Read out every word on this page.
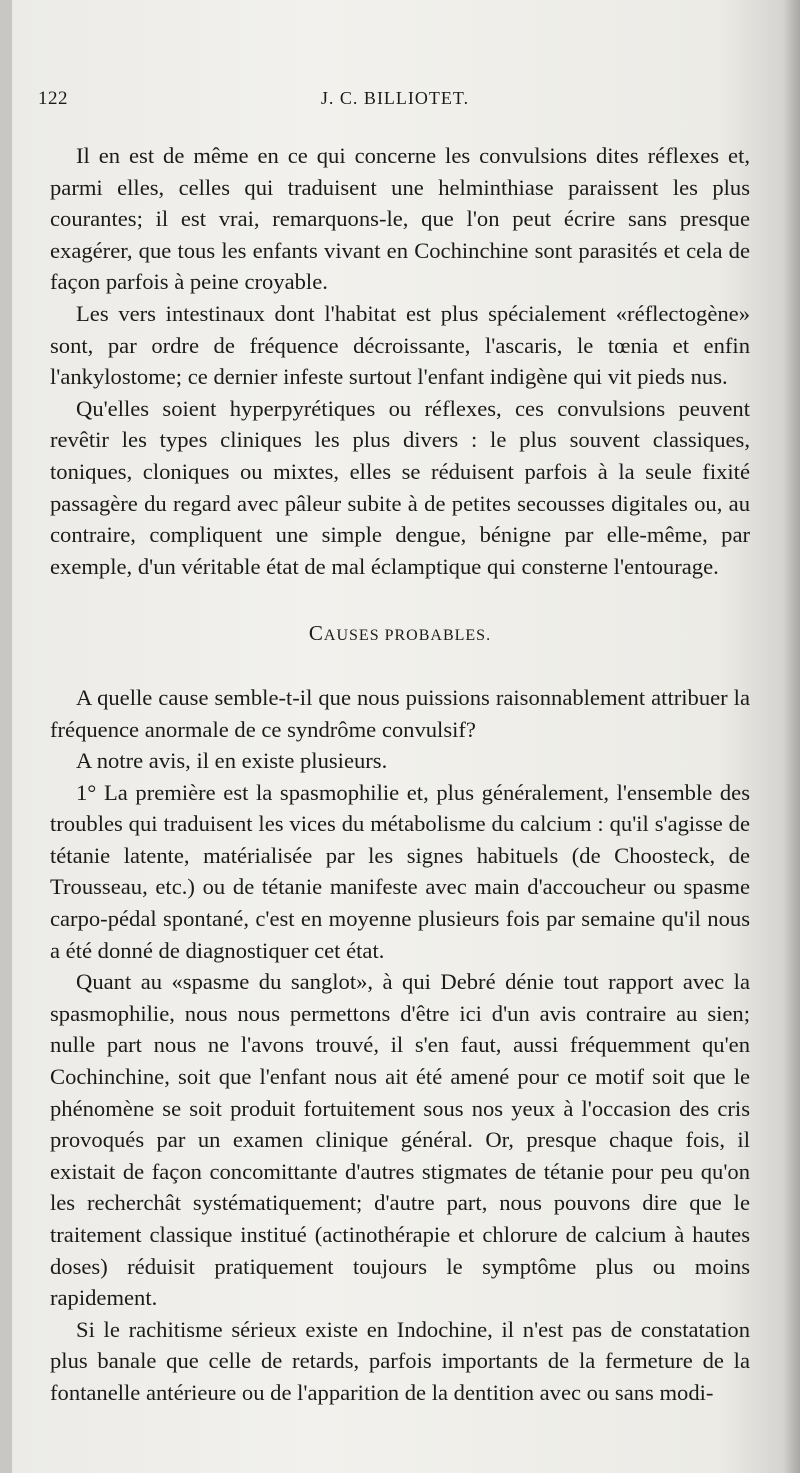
122	J. C. BILLIOTET.

Il en est de même en ce qui concerne les convulsions dites réflexes et, parmi elles, celles qui traduisent une helminthiase paraissent les plus courantes; il est vrai, remarquons-le, que l'on peut écrire sans presque exagérer, que tous les enfants vivant en Cochinchine sont parasités et cela de façon parfois à peine croyable.

Les vers intestinaux dont l'habitat est plus spécialement «réflectogène» sont, par ordre de fréquence décroissante, l'ascaris, le tœnia et enfin l'ankylostome; ce dernier infeste surtout l'enfant indigène qui vit pieds nus.

Qu'elles soient hyperpyrétiques ou réflexes, ces convulsions peuvent revêtir les types cliniques les plus divers : le plus souvent classiques, toniques, cloniques ou mixtes, elles se réduisent parfois à la seule fixité passagère du regard avec pâleur subite à de petites secousses digitales ou, au contraire, compliquent une simple dengue, bénigne par elle-même, par exemple, d'un véritable état de mal éclamptique qui consterne l'entourage.

CAUSES PROBABLES.

A quelle cause semble-t-il que nous puissions raisonnablement attribuer la fréquence anormale de ce syndrôme convulsif?

A notre avis, il en existe plusieurs.

1° La première est la spasmophilie et, plus généralement, l'ensemble des troubles qui traduisent les vices du métabolisme du calcium : qu'il s'agisse de tétanie latente, matérialisée par les signes habituels (de Choosteck, de Trousseau, etc.) ou de tétanie manifeste avec main d'accoucheur ou spasme carpo-pédal spontané, c'est en moyenne plusieurs fois par semaine qu'il nous a été donné de diagnostiquer cet état.

Quant au «spasme du sanglot», à qui Debré dénie tout rapport avec la spasmophilie, nous nous permettons d'être ici d'un avis contraire au sien; nulle part nous ne l'avons trouvé, il s'en faut, aussi fréquemment qu'en Cochinchine, soit que l'enfant nous ait été amené pour ce motif soit que le phénomène se soit produit fortuitement sous nos yeux à l'occasion des cris provoqués par un examen clinique général. Or, presque chaque fois, il existait de façon concomittante d'autres stigmates de tétanie pour peu qu'on les recherchât systématiquement; d'autre part, nous pouvons dire que le traitement classique institué (actinothérapie et chlorure de calcium à hautes doses) réduisit pratiquement toujours le symptôme plus ou moins rapidement.

Si le rachitisme sérieux existe en Indochine, il n'est pas de constatation plus banale que celle de retards, parfois importants de la fermeture de la fontanelle antérieure ou de l'apparition de la dentition avec ou sans modi-
